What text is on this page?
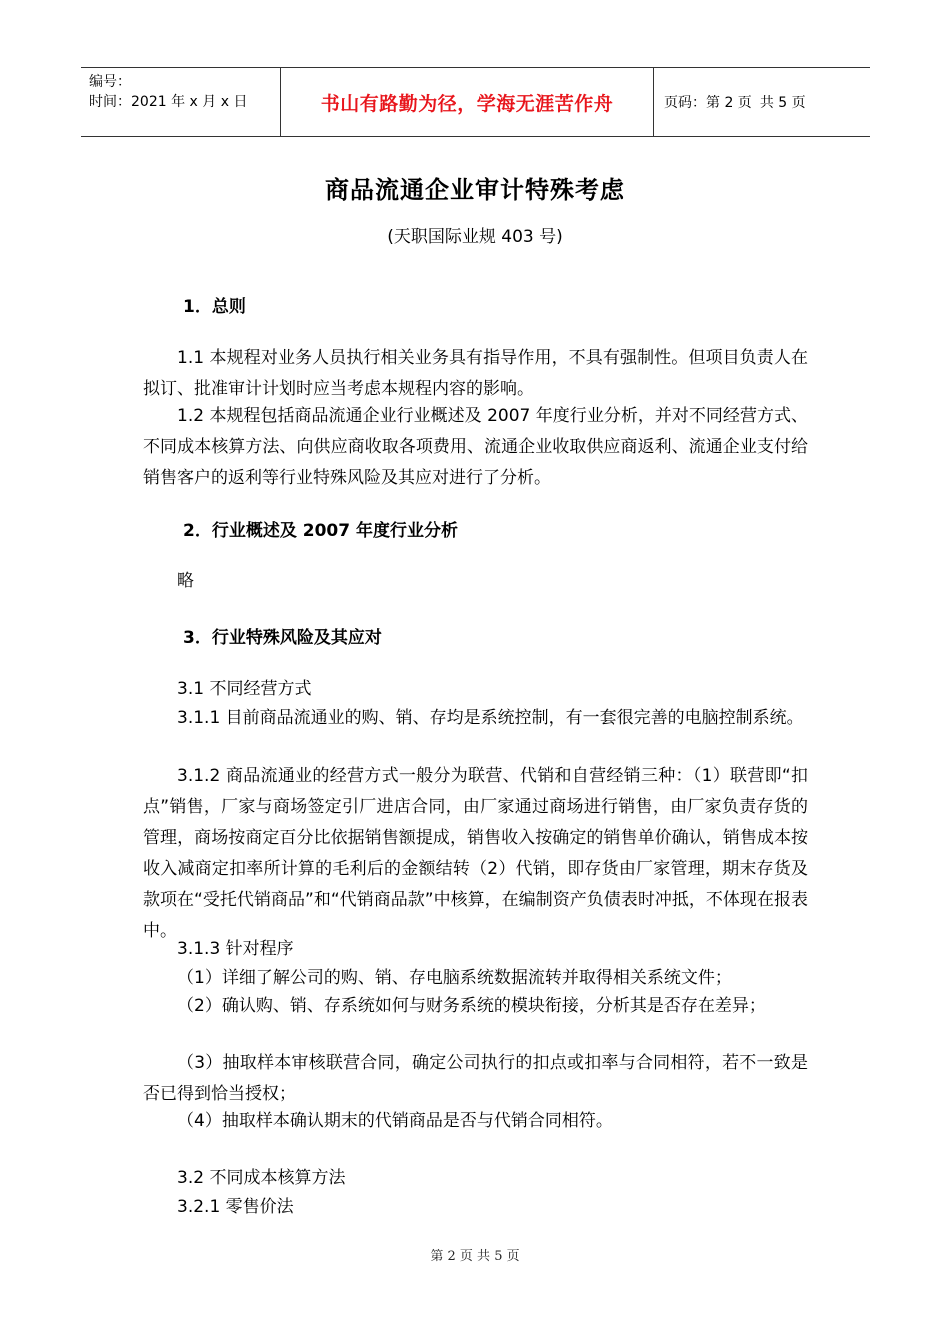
编号：
时间：2021 年 x 月 x 日	书山有路勤为径，学海无涯苦作舟	页码：第 2 页 共 5 页
商品流通企业审计特殊考虑
(天职国际业规 403 号)
1．总则
1.1 本规程对业务人员执行相关业务具有指导作用，不具有强制性。但项目负责人在拟订、批准审计计划时应当考虑本规程内容的影响。
1.2 本规程包括商品流通企业行业概述及 2007 年度行业分析，并对不同经营方式、不同成本核算方法、向供应商收取各项费用、流通企业收取供应商返利、流通企业支付给销售客户的返利等行业特殊风险及其应对进行了分析。
2．行业概述及 2007 年度行业分析
略
3．行业特殊风险及其应对
3.1 不同经营方式
3.1.1 目前商品流通业的购、销、存均是系统控制，有一套很完善的电脑控制系统。
3.1.2 商品流通业的经营方式一般分为联营、代销和自营经销三种：（1）联营即“扣点”销售，厂家与商场签定引厂进店合同，由厂家通过商场进行销售，由厂家负责存货的管理，商场按商定百分比依据销售额提成，销售收入按确定的销售单价确认，销售成本按收入减商定扣率所计算的毛利后的金额结转（2）代销，即存货由厂家管理，期末存货及款项在“受托代销商品”和“代销商品款”中核算，在编制资产负债表时冲抵，不体现在报表中。
3.1.3 针对程序
（1）详细了解公司的购、销、存电脑系统数据流转并取得相关系统文件；
（2）确认购、销、存系统如何与财务系统的模块衔接，分析其是否存在差异；
（3）抽取样本审核联营合同，确定公司执行的扣点或扣率与合同相符，若不一致是否已得到恰当授权；
（4）抽取样本确认期末的代销商品是否与代销合同相符。
3.2 不同成本核算方法
3.2.1 零售价法
第 2 页 共 5 页
